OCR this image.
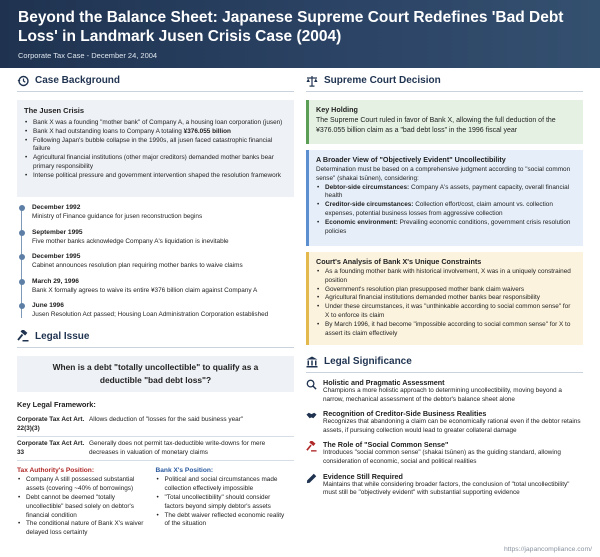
Beyond the Balance Sheet: Japanese Supreme Court Redefines 'Bad Debt Loss' in Landmark Jusen Crisis Case (2004)
Corporate Tax Case - December 24, 2004
Case Background
The Jusen Crisis
• Bank X was a founding "mother bank" of Company A, a housing loan corporation (jusen)
• Bank X had outstanding loans to Company A totaling ¥376.055 billion
• Following Japan's bubble collapse in the 1990s, all jusen faced catastrophic financial failure
• Agricultural financial institutions (other major creditors) demanded mother banks bear primary responsibility
• Intense political pressure and government intervention shaped the resolution framework
December 1992
Ministry of Finance guidance for jusen reconstruction begins
September 1995
Five mother banks acknowledge Company A's liquidation is inevitable
December 1995
Cabinet announces resolution plan requiring mother banks to waive claims
March 29, 1996
Bank X formally agrees to waive its entire ¥376 billion claim against Company A
June 1996
Jusen Resolution Act passed; Housing Loan Administration Corporation established
Legal Issue
When is a debt "totally uncollectible" to qualify as a deductible "bad debt loss"?
Key Legal Framework:
Corporate Tax Act Art. 22(3)(3)
Allows deduction of "losses for the said business year"
Corporate Tax Act Art. 33
Generally does not permit tax-deductible write-downs for mere decreases in valuation of monetary claims
Tax Authority's Position:
• Company A still possessed substantial assets (covering ~40% of borrowings)
• Debt cannot be deemed "totally uncollectible" based solely on debtor's financial condition
• The conditional nature of Bank X's waiver delayed loss certainty
Bank X's Position:
• Political and social circumstances made collection effectively impossible
• "Total uncollectibility" should consider factors beyond simply debtor's assets
• The debt waiver reflected economic reality of the situation
Supreme Court Decision
Key Holding
The Supreme Court ruled in favor of Bank X, allowing the full deduction of the ¥376.055 billion claim as a "bad debt loss" in the 1996 fiscal year
A Broader View of "Objectively Evident" Uncollectibility
Determination must be based on a comprehensive judgment according to "social common sense" (shakai tsūnen), considering:
• Debtor-side circumstances: Company A's assets, payment capacity, overall financial health
• Creditor-side circumstances: Collection effort/cost, claim amount vs. collection expenses, potential business losses from aggressive collection
• Economic environment: Prevailing economic conditions, government crisis resolution policies
Court's Analysis of Bank X's Unique Constraints
• As a founding mother bank with historical involvement, X was in a uniquely constrained position
• Government's resolution plan presupposed mother bank claim waivers
• Agricultural financial institutions demanded mother banks bear responsibility
• Under these circumstances, it was "unthinkable according to social common sense" for X to enforce its claim
• By March 1996, it had become "impossible according to social common sense" for X to assert its claim effectively
Legal Significance
Holistic and Pragmatic Assessment
Champions a more holistic approach to determining uncollectibility, moving beyond a narrow, mechanical assessment of the debtor's balance sheet alone
Recognition of Creditor-Side Business Realities
Recognizes that abandoning a claim can be economically rational even if the debtor retains assets, if pursuing collection would lead to greater collateral damage
The Role of "Social Common Sense"
Introduces "social common sense" (shakai tsūnen) as the guiding standard, allowing consideration of economic, social and political realities
Evidence Still Required
Maintains that while considering broader factors, the conclusion of "total uncollectibility" must still be "objectively evident" with substantial supporting evidence
https://japancompliance.com/
